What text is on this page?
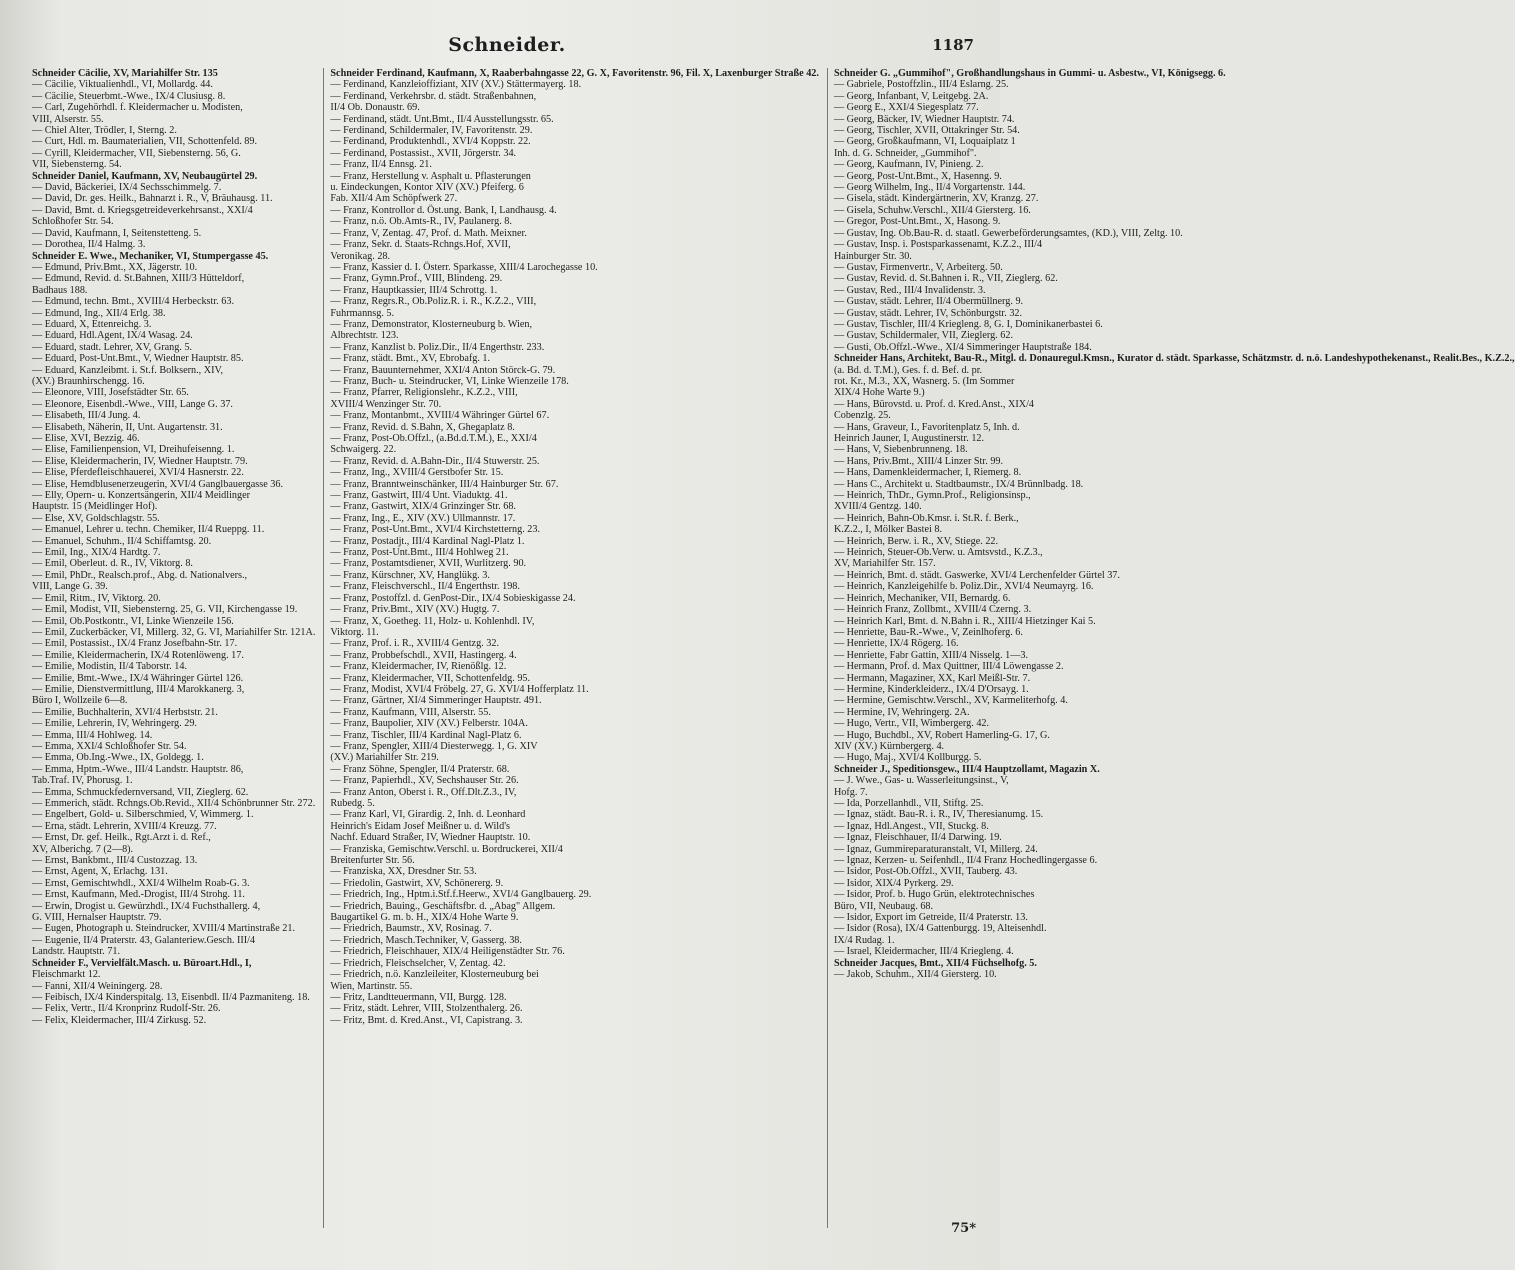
Schneider.	1187
Schneider Cäcilie, XV, Mariahilfer Str. 135
— Cäcilie, Viktualienhdl., VI, Mollardg. 44.
— Cäcilie, Steuerbmt.-Wwe., IX/4 Clusiusg. 8.
— Carl, Zugehörhdl. f. Kleidermacher u. Modisten,
VIII, Alserstr. 55.
— Chiel Alter, Trödler, I, Sterng. 2.
— Curt, Hdl. m. Baumaterialien, VII, Schottenfeld. 89.
— Cyrill, Kleidermacher, VII, Siebensterng. 56, G.
VII, Siebensterng. 54.
Schneider Daniel, Kaufmann, XV, Neubaugürtel 29.
— David, Bäckeriei, IX/4 Sechsschimmelg. 7.
— David, Dr. ges. Heilk., Bahnarzt i. R., V, Bräuhausg. 11.
— David, Bmt. d. Kriegsgetreideverkehrsanst., XXI/4
Schloßhofer Str. 54.
— David, Kaufmann, I, Seitenstetteng. 5.
— Dorothea, II/4 Halmg. 3.
Schneider E. Wwe., Mechaniker, VI, Stumpergasse 45.
— Edmund, Priv.Bmt., XX, Jägerstr. 10.
— Edmund, Revid. d. St.Bahnen, XIII/3 Hütteldorf,
Badhaus 188.
— Edmund, techn. Bmt., XVIII/4 Herbeckstr. 63.
— Edmund, Ing., XII/4 Erlg. 38.
— Eduard, X, Ettenreichg. 3.
— Eduard, Hdl.Agent, IX/4 Wasag. 24.
— Eduard, stadt. Lehrer, XV, Grang. 5.
— Eduard, Post-Unt.Bmt., V, Wiedner Hauptstr. 85.
— Eduard, Kanzleibmt. i. St.f. Bolksern., XIV,
(XV.) Braunhirschengg. 16.
— Eleonore, VIII, Josefstädter Str. 65.
— Eleonore, Eisenbdl.-Wwe., VIII, Lange G. 37.
— Elisabeth, III/4 Jung. 4.
— Elisabeth, Näherin, II, Unt. Augartenstr. 31.
— Elise, XVI, Bezzig. 46.
— Elise, Familienpension, VI, Dreihufeisenng. 1.
— Elise, Kleidermacherin, IV, Wiedner Hauptstr. 79.
— Elise, Pferdefleischhauerei, XVI/4 Hasnerstr. 22.
— Elise, Hemdblusenerzeugerin, XVI/4 Ganglbauergasse 36.
— Elly, Opern- u. Konzertsängerin, XII/4 Meidlinger
Hauptstr. 15 (Meidlinger Hof).
— Else, XV, Goldschlagstr. 55.
— Emanuel, Lehrer u. techn. Chemiker, II/4 Rueppg. 11.
— Emanuel, Schuhm., II/4 Schiffamtsg. 20.
— Emil, Ing., XIX/4 Hardtg. 7.
— Emil, Oberleut. d. R., IV, Viktorg. 8.
— Emil, PhDr., Realsch.prof., Abg. d. Nationalvers.,
VIII, Lange G. 39.
— Emil, Ritm., IV, Viktorg. 20.
— Emil, Modist, VII, Siebensterng. 25, G. VII, Kirchengasse 19.
— Emil, Ob.Postkontr., VI, Linke Wienzeile 156.
— Emil, Zuckerbäcker, VI, Millerg. 32, G. VI, Mariahilfer Str. 121A.
— Emil, Postassist., IX/4 Franz Josefbahn-Str. 17.
— Emilie, Kleidermacherin, IX/4 Rotenlöweng. 17.
— Emilie, Modistin, II/4 Taborstr. 14.
— Emilie, Bmt.-Wwe., IX/4 Währinger Gürtel 126.
— Emilie, Dienstvermittlung, III/4 Marokkanerg. 3,
Büro I, Wollzeile 6—8.
— Emilie, Buchhalterin, XVI/4 Herbststr. 21.
— Emilie, Lehrerin, IV, Wehringerg. 29.
— Emma, III/4 Hohlweg. 14.
— Emma, XXI/4 Schloßhofer Str. 54.
— Emma, Ob.Ing.-Wwe., IX, Goldegg. 1.
— Emma, Hptm.-Wwe., III/4 Landstr. Hauptstr. 86,
Tab.Traf. IV, Phorusg. 1.
— Emma, Schmuckfedernversand, VII, Zieglerg. 62.
— Emmerich, städt. Rchngs.Ob.Revid., XII/4 Schönbrunner Str. 272.
— Engelbert, Gold- u. Silberschmied, V, Wimmerg. 1.
— Erna, städt. Lehrerin, XVIII/4 Kreuzg. 77.
— Ernst, Dr. gef. Heilk., Rgt.Arzt i. d. Ref.,
XV, Alberichg. 7 (2—8).
— Ernst, Bankbmt., III/4 Custozzag. 13.
— Ernst, Agent, X, Erlachg. 131.
— Ernst, Gemischtwhdl., XXI/4 Wilhelm Roab-G. 3.
— Ernst, Kaufmann, Med.-Drogist, III/4 Strohg. 11.
— Erwin, Drogist u. Gewürzhdl., IX/4 Fuchsthallerg. 4,
G. VIII, Hernalser Hauptstr. 79.
— Eugen, Photograph u. Steindrucker, XVIII/4 Martinstraße 21.
— Eugenie, II/4 Praterstr. 43, Galanteriew.Gesch. III/4
Landstr. Hauptstr. 71.
Schneider F., Vervielfält.Masch. u. Büroart.Hdl., I,
Fleischmarkt 12.
— Fanni, XII/4 Weiningerg. 28.
— Feibisch, IX/4 Kinderspitalg. 13, Eisenbdl. II/4 Pazmaniteng. 18.
— Felix, Vertr., II/4 Kronprinz Rudolf-Str. 26.
— Felix, Kleidermacher, III/4 Zirkusg. 52.
Schneider Ferdinand, Kaufmann, X, Raaberbahngasse 22, G. X, Favoritenstr. 96, Fil. X, Laxenburger Straße 42.
— Ferdinand, Kanzleioffiziant, XIV (XV.) Stättermayerg. 18.
— Ferdinand, Verkehrsbr. d. städt. Straßenbahnen,
II/4 Ob. Donaustr. 69.
— Ferdinand, städt. Unt.Bmt., II/4 Ausstellungsstr. 65.
— Ferdinand, Schildermaler, IV, Favoritenstr. 29.
— Ferdinand, Produktenhdl., XVI/4 Koppstr. 22.
— Ferdinand, Postassist., XVII, Jörgerstr. 34.
— Franz, II/4 Ennsg. 21.
— Franz, Herstellung v. Asphalt u. Pflasterungen
u. Eindeckungen, Kontor XIV (XV.) Pfeiferg. 6
Fab. XII/4 Am Schöpfwerk 27.
— Franz, Kontrollor d. Öst.ung. Bank, I, Landhausg. 4.
— Franz, n.ö. Ob.Amts-R., IV, Paulanerg. 8.
— Franz, V, Zentag. 47, Prof. d. Math. Meixner.
— Franz, Sekr. d. Staats-Rchngs.Hof, XVII,
Veronikag. 28.
— Franz, Kassier d. I. Österr. Sparkasse, XIII/4 Larochegasse 10.
— Franz, Gymn.Prof., VIII, Blindeng. 29.
— Franz, Hauptkassier, III/4 Schrottg. 1.
— Franz, Regrs.R., Ob.Poliz.R. i. R., K.Z.2., VIII,
Fuhrmannsg. 5.
— Franz, Demonstrator, Klosterneuburg b. Wien,
Albrechtstr. 123.
— Franz, Kanzlist b. Poliz.Dir., II/4 Engerthstr. 233.
— Franz, städt. Bmt., XV, Ebrobafg. 1.
— Franz, Bauunternehmer, XXI/4 Anton Störck-G. 79.
— Franz, Buch- u. Steindrucker, VI, Linke Wienzeile 178.
— Franz, Pfarrer, Religionslehr., K.Z.2., VIII,
XVIII/4 Wenzinger Str. 70.
— Franz, Montanbmt., XVIII/4 Währinger Gürtel 67.
— Franz, Revid. d. S.Bahn, X, Ghegaplatz 8.
— Franz, Post-Ob.Offzl., (a.Bd.d.T.M.), E., XXI/4
Schwaigerg. 22.
— Franz, Revid. d. A.Bahn-Dir., II/4 Stuwerstr. 25.
— Franz, Ing., XVIII/4 Gerstbofer Str. 15.
— Franz, Branntweinschänker, III/4 Hainburger Str. 67.
— Franz, Gastwirt, III/4 Unt. Viaduktg. 41.
— Franz, Gastwirt, XIX/4 Grinzinger Str. 68.
— Franz, Ing., E., XIV (XV.) Ullmannstr. 17.
— Franz, Post-Unt.Bmt., XVI/4 Kirchstetterng. 23.
— Franz, Postadjt., III/4 Kardinal Nagl-Platz 1.
— Franz, Post-Unt.Bmt., III/4 Hohlweg 21.
— Franz, Postamtsdiener, XVII, Wurlitzerg. 90.
— Franz, Kürschner, XV, Hanglükg. 3.
— Franz, Fleischverschl., II/4 Engerthstr. 198.
— Franz, Postoffzl. d. GenPost-Dir., IX/4 Sobieskigasse 24.
— Franz, Priv.Bmt., XIV (XV.) Hugtg. 7.
— Franz, X, Goetheg. 11, Holz- u. Kohlenhdl. IV,
Viktorg. 11.
— Franz, Prof. i. R., XVIII/4 Gentzg. 32.
— Franz, Probbefschdl., XVII, Hastingerg. 4.
— Franz, Kleidermacher, IV, Rienößlg. 12.
— Franz, Kleidermacher, VII, Schottenfeldg. 95.
— Franz, Modist, XVI/4 Fröbelg. 27, G. XVI/4 Hofferplatz 11.
— Franz, Gärtner, XI/4 Simmeringer Hauptstr. 491.
— Franz, Kaufmann, VIII, Alserstr. 55.
— Franz, Baupolier, XIV (XV.) Felberstr. 104A.
— Franz, Tischler, III/4 Kardinal Nagl-Platz 6.
— Franz, Spengler, XIII/4 Diesterwegg. 1, G. XIV
(XV.) Mariahilfer Str. 219.
— Franz Söhne, Spengler, II/4 Praterstr. 68.
— Franz, Papierhdl., XV, Sechshauser Str. 26.
— Franz Anton, Oberst i. R., Off.Dlt.Z.3., IV,
Rubedg. 5.
— Franz Karl, VI, Girardig. 2, Inh. d. Leonhard
Heinrich's Eidam Josef Meißner u. d. Wild's
Nachf. Eduard Straßer, IV, Wiedner Hauptstr. 10.
— Franziska, Gemischtw.Verschl. u. Bordruckerei, XII/4
Breitenfurter Str. 56.
— Franziska, XX, Dresdner Str. 53.
— Friedolin, Gastwirt, XV, Schönererg. 9.
— Friedrich, Ing., Hptm.i.Stf.f.Heerw., XVI/4 Ganglbauerg. 29.
— Friedrich, Bauing., Geschäftsfbr. d. „Abag" Allgem.
Baugartikel G. m. b. H., XIX/4 Hohe Warte 9.
— Friedrich, Baumstr., XV, Rosinag. 7.
— Friedrich, Masch.Techniker, V, Gasserg. 38.
— Friedrich, Fleischhauer, XIX/4 Heiligenstädter Str. 76.
— Friedrich, Fleischselcher, V, Zentag. 42.
— Friedrich, n.ö. Kanzleileiter, Klosterneuburg bei
Wien, Martinstr. 55.
— Fritz, Landtteuermann, VII, Burgg. 128.
— Fritz, städt. Lehrer, VIII, Stolzenthalerg. 26.
— Fritz, Bmt. d. Kred.Anst., VI, Capistrang. 3.
Schneider G. „Gummihof", Großhandlungshaus in Gummi- u. Asbestw., VI, Königsegg. 6.
— Gabriele, Postoffzlin., III/4 Eslarng. 25.
— Georg, Infanbant, V, Leitgebg. 2A.
— Georg E., XXI/4 Siegesplatz 77.
— Georg, Bäcker, IV, Wiedner Hauptstr. 74.
— Georg, Tischler, XVII, Ottakringer Str. 54.
— Georg, Großkaufmann, VI, Loquaiplatz 1
Inh. d. G. Schneider, „Gummihof".
— Georg, Kaufmann, IV, Pinieng. 2.
— Georg, Post-Unt.Bmt., X, Hasenng. 9.
— Georg Wilhelm, Ing., II/4 Vorgartenstr. 144.
— Gisela, städt. Kindergärtnerin, XV, Kranzg. 27.
— Gisela, Schuhw.Verschl., XII/4 Giersterg. 16.
— Gregor, Post-Unt.Bmt., X, Hasong. 9.
— Gustav, Ing. Ob.Bau-R. d. staatl. Gewerbeförderungsamtes, (KD.), VIII, Zeltg. 10.
— Gustav, Insp. i. Postsparkassenamt, K.Z.2., III/4
Hainburger Str. 30.
— Gustav, Firmenvertr., V, Arbeiterg. 50.
— Gustav, Revid. d. St.Bahnen i. R., VII, Zieglerg. 62.
— Gustav, Red., III/4 Invalidenstr. 3.
— Gustav, städt. Lehrer, II/4 Obermüllnerg. 9.
— Gustav, städt. Lehrer, IV, Schönburgstr. 32.
— Gustav, Tischler, III/4 Kriegleng. 8, G. I, Dominikanerbastei 6.
— Gustav, Schildermaler, VII, Zieglerg. 62.
— Gusti, Ob.Offzl.-Wwe., XI/4 Simmeringer Hauptstraße 184.
Schneider Hans, Architekt, Bau-R., Mitgl. d. Donauregul.Kmsn., Kurator d. städt. Sparkasse, Schätzmstr. d. n.ö. Landeshypothekenanst., Realit.Bes., K.Z.2.,
(a. Bd. d. T.M.), Ges. f. d. Bef. d. pr.
rot. Kr., M.3., XX, Wasnerg. 5. (Im Sommer
XIX/4 Hohe Warte 9.)
— Hans, Bürovstd. u. Prof. d. Kred.Anst., XIX/4
Cobenzlg. 25.
— Hans, Graveur, I., Favoritenplatz 5, Inh. d.
Heinrich Jauner, I, Augustinerstr. 12.
— Hans, V, Siebenbrunneng. 18.
— Hans, Priv.Bmt., XIII/4 Linzer Str. 99.
— Hans, Damenkleidermacher, I, Riemerg. 8.
— Hans C., Architekt u. Stadtbaumstr., IX/4 Brünnlbadg. 18.
— Heinrich, ThDr., Gymn.Prof., Religionsinsp.,
XVIII/4 Gentzg. 140.
— Heinrich, Bahn-Ob.Kmsr. i. St.R. f. Berk.,
K.Z.2., I, Mölker Bastei 8.
— Heinrich, Berw. i. R., XV, Stiege. 22.
— Heinrich, Steuer-Ob.Verw. u. Amtsvstd., K.Z.3.,
XV, Mariahilfer Str. 157.
— Heinrich, Bmt. d. städt. Gaswerke, XVI/4 Lerchenfelder Gürtel 37.
— Heinrich, Kanzleigehilfe b. Poliz.Dir., XVI/4 Neumayrg. 16.
— Heinrich, Mechaniker, VII, Bernardg. 6.
— Heinrich Franz, Zollbmt., XVIII/4 Czerng. 3.
— Heinrich Karl, Bmt. d. N.Bahn i. R., XIII/4 Hietzinger Kai 5.
— Henriette, Bau-R.-Wwe., V, Zeinlhoferg. 6.
— Henriette, IX/4 Rögerg. 16.
— Henriette, Fabr Gattin, XIII/4 Nisselg. 1—3.
— Hermann, Prof. d. Max Quittner, III/4 Löwengasse 2.
— Hermann, Magaziner, XX, Karl Meißl-Str. 7.
— Hermine, Kinderkleiderz., IX/4 D'Orsayg. 1.
— Hermine, Gemischtw.Verschl., XV, Karmeliterhofg. 4.
— Hermine, IV, Wehringerg. 2A.
— Hugo, Vertr., VII, Wimbergerg. 42.
— Hugo, Buchdbl., XV, Robert Hamerling-G. 17, G.
XIV (XV.) Kürnbergerg. 4.
— Hugo, Maj., XVI/4 Kollburgg. 5.
Schneider J., Speditionsgew., III/4 Hauptzollamt, Magazin X.
— J. Wwe., Gas- u. Wasserleitungsinst., V,
Hofg. 7.
— Ida, Porzellanhdl., VII, Stiftg. 25.
— Ignaz, städt. Bau-R. i. R., IV, Theresianumg. 15.
— Ignaz, Hdl.Angest., VII, Stuckg. 8.
— Ignaz, Fleischhauer, II/4 Darwing. 19.
— Ignaz, Gummireparaturanstalt, VI, Millerg. 24.
— Ignaz, Kerzen- u. Seifenhdl., II/4 Franz Hochedlingergasse 6.
— Isidor, Post-Ob.Offzl., XVII, Tauberg. 43.
— Isidor, XIX/4 Pyrkerg. 29.
— Isidor, Prof. b. Hugo Grün, elektrotechnisches
Büro, VII, Neubaug. 68.
— Isidor, Export im Getreide, II/4 Praterstr. 13.
— Isidor (Rosa), IX/4 Gattenburgg. 19, Alteisenhdl.
IX/4 Rudag. 1.
— Israel, Kleidermacher, III/4 Kriegleng. 4.
Schneider Jacques, Bmt., XII/4 Füchselhofg. 5.
— Jakob, Schuhm., XII/4 Giersterg. 10.
75*
